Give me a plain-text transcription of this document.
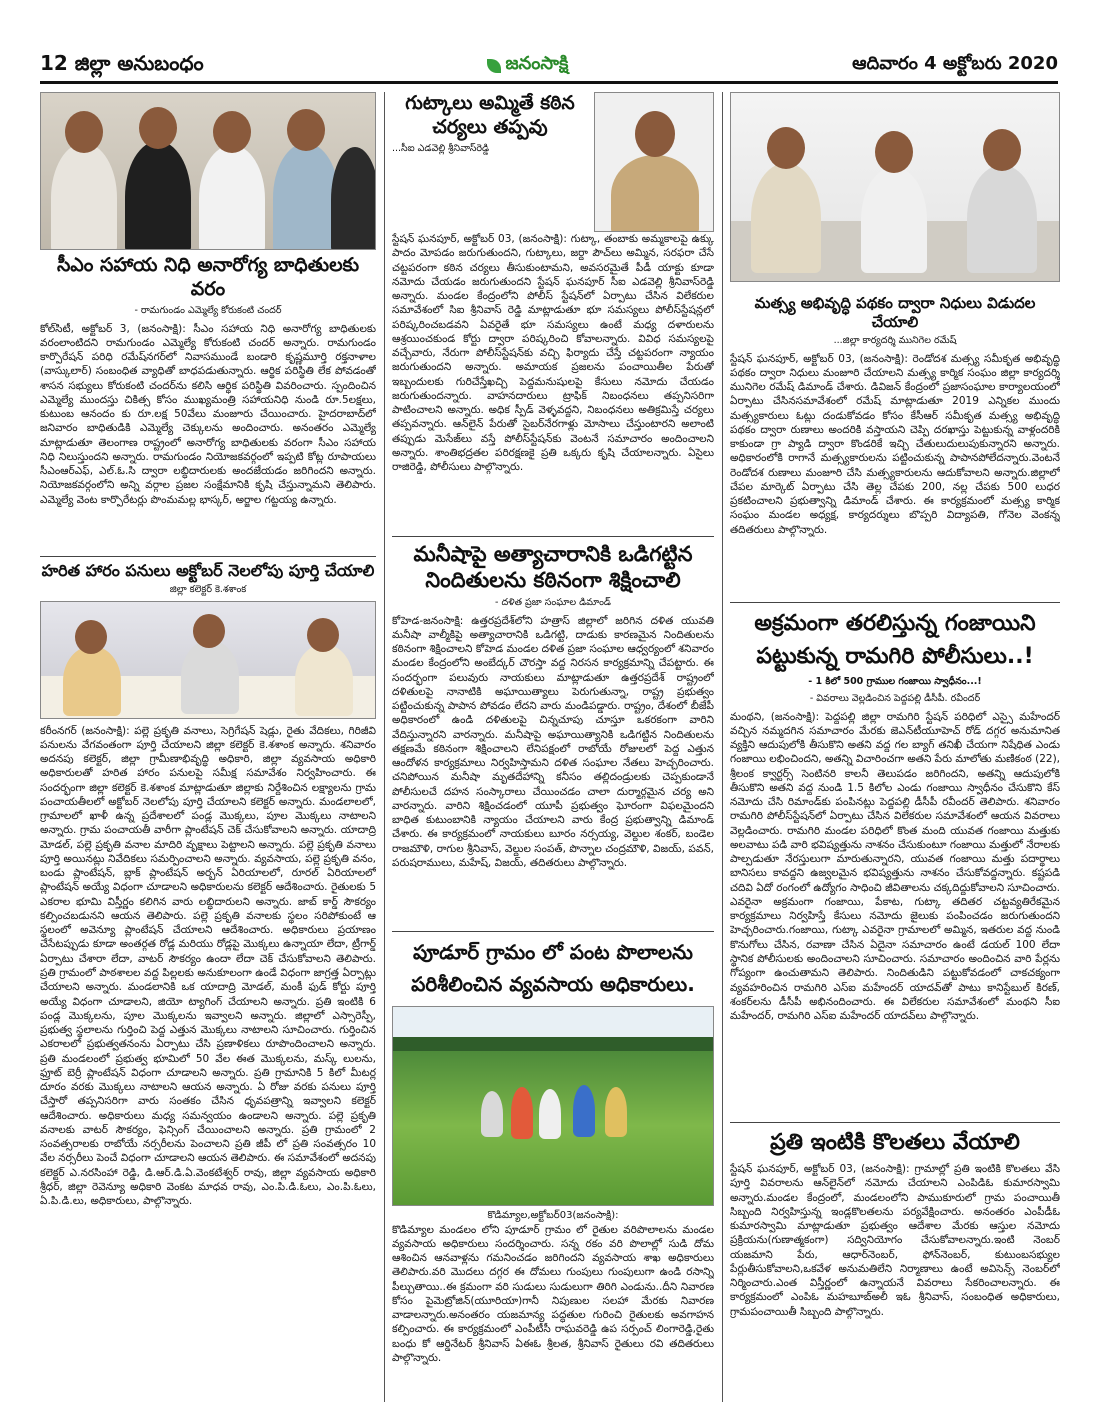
12 జిల్లా అనుబంధం	జనంసాక్షి	ఆదివారం 4 అక్టోబరు 2020
సీఎం సహాయ నిధి అనారోగ్య బాధితులకు వరం
- రామగుండం ఎమ్మెల్యే కోరుకంటి చందర్
కోల్‌సిటీ, అక్టోబర్ 3, (జనంసాక్షి): సీఎం సహాయ నిధి అనారోగ్య బాధితులకు వరంలాంటిదని రామగుండం ఎమ్మెల్యే కోరుకంటి చందర్ అన్నారు. రామగుండం కార్పొరేషన్ పరిధి రమేష్‌నగర్‌లో నివాసముండే బండారి కృష్ణమూర్తి రక్తనాళాల (వాస్కులార్) సంబంధిత వ్యాధితో బాధపడుతున్నారు. ఆర్థిక పరిస్థితి లేక పోవడంతో శాసన సభ్యులు కోరుకంటి చందర్‌ను కలిసి ఆర్థిక పరిస్థితి వివరించారు. స్పందించిన ఎమ్మెల్యే ముందస్తు చికిత్స కోసం ముఖ్యమంత్రి సహాయనిధి నుండి రూ.5లక్షలు, కుటుంబ ఆనందం కు రూ.లక్ష 50వేలు మంజూరు చేయించారు. హైదరాబాద్‌లో జనివారం బాధితుడికి ఎమ్మెల్యే చెక్కులను అందించారు. అనంతరం ఎమ్మెల్యే మాట్లాడుతూ తెలంగాణ రాష్ట్రంలో అనారోగ్య బాధితులకు వరంగా సీఎం సహాయ నిధి నిలుస్తుందని అన్నారు. రామగుండం నియోజకవర్గంలో ఇప్పటి కోట్ల రూపాయలు సీఎంఆర్ఎఫ్, ఎల్.ఓ.సి ద్వారా లబ్ధిదారులకు అందజేయడం జరిగిందని అన్నారు. నియోజకవర్గంలోని అన్ని వర్గాల ప్రజల సంక్షేమానికి కృషి చేస్తున్నామని తెలిపారు. ఎమ్మెల్యే వెంట కార్పొరేటర్లు పొంమమల్ల భాస్కర్, అర్జాల గట్టయ్య ఉన్నారు.
హరిత హారం పనులు అక్టోబర్ నెలలోపు పూర్తి చేయాలి
జిల్లా కలెక్టర్ కె.శశాంక
కరీంనగర్ (జనంసాక్షి): పల్లె ప్రకృతి వనాలు, సెగ్రిగేషన్ షెడ్లు, రైతు వేదికలు, గిరిజీవి పనులను వేగవంతంగా పూర్తి చేయాలని జిల్లా కలెక్టర్ కె.శశాంక అన్నారు. శనివారం అదనపు కలెక్టర్, జిల్లా గ్రామీణాభివృద్ధి అధికారి, జిల్లా వ్యవసాయ అధికారి అధికారులతో హరిత హారం పనులపై సమీక్ష సమావేశం నిర్వహించారు. ఈ సందర్భంగా జిల్లా కలెక్టర్ కె.శశాంక మాట్లాడుతూ జిల్లాకు నిర్దేశించిన లక్ష్యాలను గ్రామ పంచాయతీలలో అక్టోబర్ నెలలోపు పూర్తి చేయాలని కలెక్టర్ అన్నారు. మండలాలలో, గ్రామాలలో ఖాళీ ఉన్న ప్రదేశాలలో పండ్ల మొక్కలు, పూల మొక్కలు నాటాలని అన్నారు. గ్రామ పంచాయతీ వారీగా ప్లాంటేషన్ చెక్ చేసుకోవాలని అన్నారు. యాదాద్రి మోడల్, పల్లె ప్రకృతి వనాల మాదిరి వృక్షాలు పెట్టాలని అన్నారు. పల్లె ప్రకృతి వనాలు పూర్తి అయినట్లు నివేదికలు సమర్పించాలని అన్నారు. వ్యవసాయ, పల్లె ప్రకృతి వనం, బండు ప్లాంటేషన్, బ్లాక్ ప్లాంటేషన్ అర్బన్ ఏరియాలలో, రూరల్ ఏరియాలలో ప్లాంటేషన్ అయ్యే విధంగా చూడాలని అధికారులను కలెక్టర్ ఆదేశించారు. రైతులకు 5 ఎకరాల భూమి విస్తీర్ణం కలిగిన వారు లబ్ధిదారులని అన్నారు. జాబ్ కార్డ్ సౌకర్యం కల్పించబడునని ఆయన తెలిపారు. పల్లె ప్రకృతి వనాలకు స్థలం సరిపోకుంటే ఆ స్థలంలో అవెన్యూ ప్లాంటేషన్ చేయాలని ఆదేశించారు. అధికారులు ప్రయాణం చేసేటప్పుడు కూడా అంతర్గత రోడ్ల మరియు రోడ్లపై మొక్కలు ఉన్నాయా లేదా, ట్రీగార్డ్ ఏర్పాటు చేశారా లేదా, వాటర్ సౌకర్యం ఉందా లేదా చెక్ చేసుకోవాలని తెలిపారు. ప్రతి గ్రామంలో పాఠశాలల వద్ద పిల్లలకు అనుకూలంగా ఉండే విధంగా జాగ్రత్త ఏర్పాట్లు చేయాలని అన్నారు. మండలానికి ఒక యాదాద్రి మోడల్, మంకీ ఫుడ్ కోర్టు పూర్తి అయ్యే విధంగా చూడాలని, జియో ట్యాగింగ్ చేయాలని అన్నారు. ప్రతి ఇంటికి 6 పండ్ల మొక్కలను, పూల మొక్కలను ఇవ్వాలని అన్నారు. జిల్లాలో ఎస్సారెస్పీ, ప్రభుత్వ స్థలాలను గుర్తించి పెద్ద ఎత్తున మొక్కలు నాటాలని సూచించారు. గుర్తించిన ఎకరాలలో ప్రభుత్వతనంను ఏర్పాటు చేసి ప్రణాళికలు రూపొందించాలని అన్నారు. ప్రతి మండలంలో ప్రభుత్వ భూమిలో 50 వేల ఈత మొక్కలను, మస్క్ లులను, ఫ్రూట్ బెర్రీ ప్లాంటేషన్ విధంగా చూడాలని అన్నారు. ప్రతి గ్రామానికి 5 కిలో మీటర్ల దూరం వరకు మొక్కలు నాటాలని ఆయన అన్నారు. ఏ రోజు వరకు పనులు పూర్తి చేస్తారో తప్పనిసరిగా వారు సంతకం చేసిన ధృవపత్రాన్ని ఇవ్వాలని కలెక్టర్ ఆదేశించారు. అధికారులు మధ్య సమన్వయం ఉండాలని అన్నారు. పల్లె ప్రకృతి వనాలకు వాటర్ సౌకర్యం, ఫెన్సింగ్ చేయించాలని అన్నారు. ప్రతి గ్రామంలో 2 సంవత్సరాలకు రాబోయే నర్సరీలను పెంచాలని ప్రతి జీపీ లో ప్రతి సంవత్సరం 10 వేల నర్సరీలు పెంచే విధంగా చూడాలని ఆయన తెలిపారు. ఈ సమావేశంలో అదనపు కలెక్టర్ ఎ.నరసింహా రెడ్డి, డి.ఆర్.డి.ఏ.వెంకటేశ్వర్ రావు, జిల్లా వ్యవసాయ అధికారి శ్రీధర్, జిల్లా రెవెన్యూ అధికారి వెంకట మాధవ రావు, ఎం.పి.డి.ఓలు, ఎం.పి.ఓలు, ఏ.పి.డి.లు, అధికారులు, పాల్గొన్నారు.
గుట్కాలు అమ్మితే కఠిన చర్యలు తప్పవు
...సీఐ ఎడవెల్లి శ్రీనివాస్‌రెడ్డి
స్టేషన్ ఘనపూర్, అక్టోబర్ 03, (జనంసాక్షి): గుట్కా, తంబాకు అమ్మకాలపై ఉక్కు పాదం మోపడం జరుగుతుందని, గుట్కాలు, జర్దా పౌచ్‌లు అమ్మిన, సరఫరా చేసే చట్టపరంగా కఠిన చర్యలు తీసుకుంటామని, అవసరమైతే పీడీ యాక్టు కూడా నమోదు చేయడం జరుగుతుందని స్టేషన్ ఘనపూర్ సీఐ ఎడవెల్లి శ్రీనివాస్‌రెడ్డి అన్నారు. మండల కేంద్రంలోని పోలీస్ స్టేషన్‌లో ఏర్పాటు చేసిన విలేకరుల సమావేశంలో సిఐ శ్రీనివాస్ రెడ్డి మాట్లాడుతూ భూ సమస్యలు పోలీస్‌స్టేషన్లలో పరిష్కరించబడవని ఏవరైతే భూ సమస్యలు ఉంటే మధ్య దళారులను ఆశ్రయించకుండ కోర్టు ద్వారా పరిష్కరించి కోవాలన్నారు. వివిధ సమస్యలపై వచ్చేవారు, నేరుగా పోలీస్‌స్టేషన్‌కు వచ్చి ఫిర్యాదు చేస్తే చట్టపరంగా న్యాయం జరుగుతుందని అన్నారు. అమాయక ప్రజలను పంచాయితీల పేరుతో ఇబ్బందులకు గురిచేస్తేఖచ్చి పెద్దమనుషులపై కేసులు నమోదు చేయడం జరుగుతుందన్నారు. వాహనదారులు ట్రాఫిక్ నిబంధనలు తప్పనిసరిగా పాటించాలని అన్నారు. అధిక స్పీడ్ వెళ్ళవద్దని, నిబంధనలు అతిక్రమిస్తే చర్యలు తప్పవన్నారు. ఆన్‌లైన్ పేరుతో సైబర్‌నేరగాళ్లు మోసాలు చేస్తుంటారని అలాంటి తప్పుడు మెసేజ్‌లు వస్తే పోలీస్‌స్టేషన్‌కు వెంటనే సమాచారం అందించాలని అన్నారు. శాంతిభద్రతల పరిరక్షణకై ప్రతి ఒక్కరు కృషి చేయాలన్నారు. ఏసైలు రాజిరెడ్డి, పోలీసులు పాల్గొన్నారు.
మనీషాపై అత్యాచారానికి ఒడిగట్టిన నిందితులను కఠినంగా శిక్షించాలి
- దళిత ప్రజా సంఘాల డిమాండ్
కోహెడ-జనంసాక్షి: ఉత్తరప్రదేశ్‌లోని హత్రాస్ జిల్లాలో జరిగిన దళిత యువతి మనీషా వాల్మీకిపై అత్యాచారానికి ఒడిగట్టి, దాడుకు కారణమైన నిందితులను కఠినంగా శిక్షించాలని కోహెడ మండల దళిత ప్రజా సంఘాల ఆధ్వర్యంలో శనివారం మండల కేంద్రంలోని అంబేద్కర్ చౌరస్తా వద్ద నిరసన కార్యక్రమాన్ని చేపట్టారు. ఈ సందర్భంగా పలువురు నాయకులు మాట్లాడుతూ ఉత్తరప్రదేశ్ రాష్ట్రంలో దళితులపై నానాటికి అఘాయిత్యాలు పెరుగుతున్నా, రాష్ట్ర ప్రభుత్వం పట్టించుకున్న పాపాన పోవడం లేదని వారు మండిపడ్డారు. రాష్ట్రం, దేశంలో బీజేపీ అధికారంలో ఉండి దళితులపై చిన్నచూపు చూస్తూ ఒకరకంగా వారిని వేదిస్తున్నారని వారన్నారు. మనీషాపై అఘాయిత్యానికి ఒడిగట్టిన నిందితులను తక్షణమే కఠినంగా శిక్షించాలని లేనిపక్షంలో రాబోయే రోజులలో పెద్ద ఎత్తున ఆందోళన కార్యక్రమాలు నిర్వహిస్తామని దళిత సంఘాల నేతలు హెచ్చరించారు. చనిపోయిన మనీషా మృతదేహాన్ని కనీసం తల్లిదండ్రులకు చెప్పకుండానే పోలీసులచే దహన సంస్కారాలు చేయించడం చాలా దుర్మార్గమైన చర్య అని వారన్నారు. వారిని శిక్షించడంలో యూపీ ప్రభుత్వం ఘోరంగా విఫలమైందని బాధిత కుటుంబానికి న్యాయం చేయాలని వారు కేంద్ర ప్రభుత్వాన్ని డిమాండ్ చేశారు. ఈ కార్యక్రమంలో నాయకులు బూరం నర్సయ్య, వెల్దుల శంకర్, బండెల రాజమౌళి, రాగుల శ్రీనివాస్, వెల్దుల సంపత్, పొన్నాల చంద్రమౌళి, విజయ్, పవన్, పరుషరాములు, మహేష్, విజయ్, తదితరులు పాల్గొన్నారు.
పూడూర్ గ్రామం లో పంట పొలాలను పరిశీలించిన వ్యవసాయ అధికారులు.
కొడిమ్యాల,అక్టోబర్03(జనంసాక్షి):
కొడిమ్యాల మండలం లోని పూడూర్ గ్రామం లో రైతుల వరిపొలాలను మండల వ్యవసాయ అధికారులు సందర్శించారు. సన్న రకం వరి పొలాల్లో సుడి దోమ ఆశించిన ఆనవాళ్లను గమనించడం జరిగిందని వ్యవసాయ శాఖ అధికారులు తెలిపారు.వరి మొదలు దగ్గర ఈ దోమలు గుంపులు గుంపులుగా ఉండి రసాన్ని పీల్చుతాయి..ఈ క్రమంగా వరి సుడులు సుడులుగా తిరిగి ఎండును..దీని నివారణ కోసం పైమెట్రోజిన్(యూరియా)గానీ నిపుణుల సలహా మేరకు నివారణ వాడాలన్నారు.అనంతరం యజమాన్య పద్ధతుల గురించి రైతులకు అవగాహన కల్పించారు. ఈ కార్యక్రమంలో ఎంపీటీసీ రాఘవరెడ్డి ఉప సర్పంచ్ లింగారెడ్డి,రైతు బంధు కో ఆర్డినేటర్ శ్రీనివాస్ ఏఈఓ శ్రీలత, శ్రీనివాస్ రైతులు రవి తదితరులు పాల్గొన్నారు.
మత్స్య అభివృద్ధి పథకం ద్వారా నిధులు విడుదల చేయాలి
...జిల్లా కార్యదర్శి మునిగెల రమేష్
స్టేషన్ ఘనపూర్, అక్టోబర్ 03, (జనంసాక్షి): రెండోదశ మత్స్య సమీకృత అభివృద్ధి పథకం ద్వారా నిధులు మంజూరి చేయాలని మత్స్య కార్మిక సంఘం జిల్లా కార్యదర్శి మునిగెల రమేష్ డిమాండ్ చేశారు. డివిజన్ కేంద్రంలో ప్రజాసంఘాల కార్యాలయంలో ఏర్పాటు చేసినసమావేశంలో రమేష్ మాట్లాడుతూ 2019 ఎన్నికల ముందు మత్స్యకారులు ఓట్లు దండుకోవడం కోసం కేసీఆర్ సమీకృత మత్స్య అభివృద్ధి పథకం ద్వారా రుణాలు అందరికి వస్తాయని చెప్పి దరఖాస్తు పెట్టుకున్న వాళ్లందరికి కాకుండా గ్రా ప్యాడి ద్వారా కొండరికే ఇచ్చి చేతులుదులుపుకున్నారని అన్నారు. అధికారంలోకి రాగానే మత్స్యకారులను పట్టించుకున్న పాపానపోలేదన్నారు.వెంటనే రెండోదశ రుణాలు మంజూరి చేసి మత్స్యకారులను ఆదుకోవాలని అన్నారు.జిల్లాలో చేపల మార్కెట్ ఏర్పాటు చేసి తెల్ల చేపకు 200, నల్ల చేపకు 500 లుధర ప్రకటించాలని ప్రభుత్వాన్ని డిమాండ్ చేశారు. ఈ కార్యక్రమంలో మత్స్య కార్మిక సంఘం మండల అధ్యక్ష, కార్యదర్శులు బొప్పరి విద్యాపతి, గోనెల వెంకన్న తదితరులు పాల్గొన్నారు.
అక్రమంగా తరలిస్తున్న గంజాయిని పట్టుకున్న రామగిరి పోలీసులు..!
- 1 కిలో 500 గ్రాముల గంజాయి స్వాధీనం...!
- వివరాలు వెల్లడించిన పెద్దపల్లి డీసీపీ. రవీందర్
మంథని, (జనంసాక్షి): పెద్దపల్లి జిల్లా రామగిరి స్టేషన్ పరిధిలో ఎస్సై మహేందర్ వచ్చిన నమ్మదగిన సమాచారం మేరకు జెఎన్‌టీయూహెచ్ రోడ్ దగ్గర అనుమానిత వ్యక్తిని ఆదుపులోకి తీసుకొని అతని వద్ద గల బ్యాగ్ తనిఖీ చేయగా నిషేధిత ఎండు గంజాయి లభించిందని, అతన్ని విచారించగా అతని పేరు మాలోతు మణికంఠ (22), శ్రీలంక క్వార్టర్స్ సెంటినరి కాలనీ తెలుపడం జరిగిందని, అతన్ని ఆదుపులోకి తీసుకొని అతని వద్ద నుండి 1.5 కిలోల ఎండు గంజాయి స్వాధీనం చేసుకొని కేస్ నమోదు చేసి రిమాండ్‌కు పంపినట్లు పెద్దపల్లి డీసీపీ రవీందర్ తెలిపారు. శనివారం రామగిరి పోలీస్‌స్టేషన్‌లో ఏర్పాటు చేసిన విలేకరుల సమావేశంలో ఆయన వివరాలు వెల్లడించారు. రామగిరి మండల పరిధిలో కొంత మంది యువత గంజాయి మత్తుకు అలవాటు పడి వారి భవిష్యత్తును నాశనం చేసుకుంటూ గంజాయి మత్తులో నేరాలకు పాల్పడుతూ నేరస్తులుగా మారుతున్నారని, యువత గంజాయి మత్తు పదార్థాలు బానిసలు కావద్దని ఉజ్వలమైన భవిష్యత్తును నాశనం చేసుకోవద్దన్నారు. కష్టపడి చదివి ఏదో రంగంలో ఉద్యోగం సాధించి జీవితాలను చక్కదిద్దుకోవాలని సూచించారు. ఎవరైనా అక్రమంగా గంజాయి, పేకాట, గుట్కా తదితర చట్టవ్యతిరేకమైన కార్యక్రమాలు నిర్వహిస్తే కేసులు నమోదు జైలుకు పంపించడం జరుగుతుందని హెచ్చరించారు.గంజాయి, గుట్కా ఎవరైనా గ్రామాలలో అమ్మిన, ఇతరుల వద్ద నుండి కొనుగోలు చేసిన, రవాణా చేసిన ఏదైనా సమాచారం ఉంటే డయల్ 100 లేదా స్థానిక పోలీసులకు అందించాలని సూచించారు. సమాచారం అందించిన వారి పేర్లను గోప్యంగా ఉంచుతామని తెలిపారు. నిందితుడిని పట్టుకోవడంలో చాకచక్యంగా వ్యవహరించిన రామగిరి ఎస్ఐ మహేందర్ యాదవ్‌తో పాటు కానిస్టేబుల్ కిరణ్, శంకర్‌లను డీసీపీ అభినందించారు. ఈ విలేకరుల సమావేశంలో మంథని సీఐ మహేందర్, రామగిరి ఎస్ఐ మహేందర్ యాదవ్‌లు పాల్గొన్నారు.
ప్రతి ఇంటికి కొలతలు వేయాలి
స్టేషన్ ఘనపూర్, అక్టోబర్ 03, (జనంసాక్షి): గ్రామాల్లో ప్రతి ఇంటికి కొలతలు వేసి పూర్తి వివరాలను ఆన్‌లైన్‌లో నమోదు చేయాలని ఎంపిడిఓ కుమారస్వామి అన్నారు.మండల కేంద్రంలో, మండలంలోని పాముకూరులో గ్రామ పంచాయితీ సిబ్బంది నిర్వహిస్తున్న ఇండ్లకొలతలను పర్యవేక్షించారు. అనంతరం ఎంపీడీఓ కుమారస్వామి మాట్లాడుతూ ప్రభుత్వం ఆదేశాల మేరకు ఆస్తుల నమోదు ప్రక్రియను(గుణాత్మకంగా) సద్వినియోగం చేసుకోవాలన్నారు.ఇంటి నెంబర్ యజమాని పేరు, ఆధార్‌నెంబర్, ఫోన్‌నెంబర్, కుటుంబసభ్యుల పేర్లుతీసుకోవాలని,ఒకవేళ అనుమతిలేని నిర్మాణాలు ఉంటే అవిసెన్స్ నెంబర్‌లో నిర్మించారు.ఎంత విస్తీర్ణంలో ఉన్నాయనే వివరాలు సేకరించాలన్నారు. ఈ కార్యక్రమంలో ఎంపిఓ మహబూబ్‌అలీ ఇఓ శ్రీనివాస్, సంబంధిత అధికారులు, గ్రామపంచాయితీ సిబ్బంది పాల్గొన్నారు.
